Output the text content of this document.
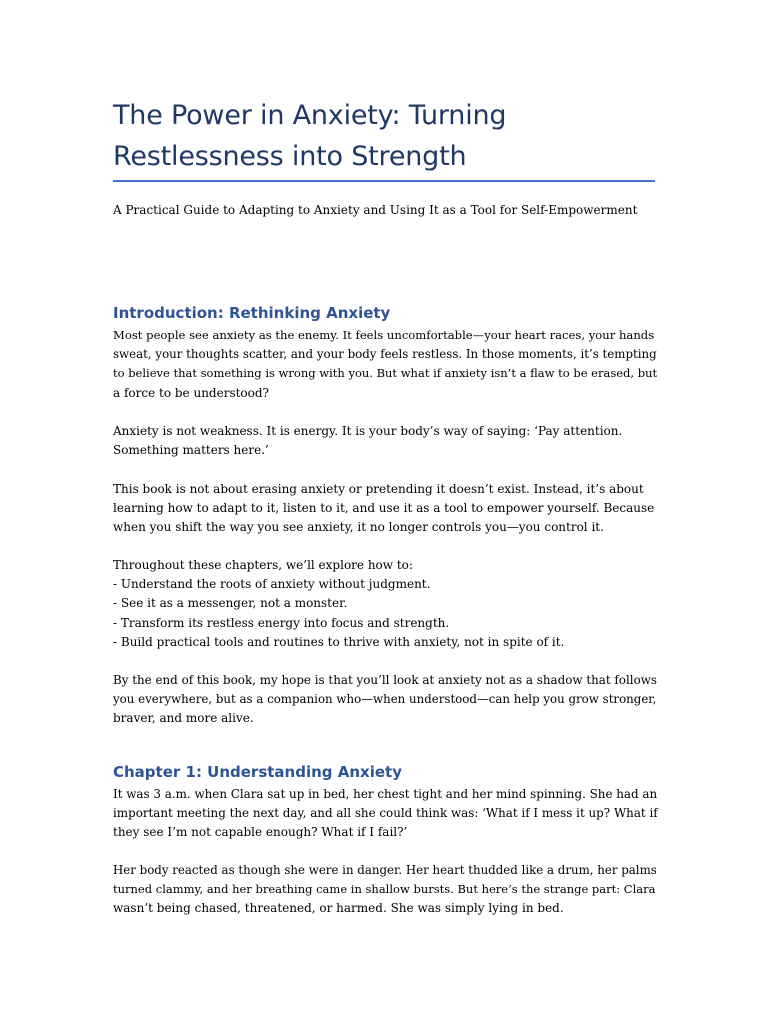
The Power in Anxiety: Turning
Restlessness into Strength

A Practical Guide to Adapting to Anxiety and Using It as a Tool for Self-Empowerment

Introduction: Rethinking Anxiety

Most people see anxiety as the enemy. It feels uncomfortable—your heart races, your hands
sweat, your thoughts scatter, and your body feels restless. In those moments, it’s tempting
to believe that something is wrong with you. But what if anxiety isn’t a flaw to be erased, but
a force to be understood?

Anxiety is not weakness. It is energy. It is your body’s way of saying: ‘Pay attention.
Something matters here.’

This book is not about erasing anxiety or pretending it doesn’t exist. Instead, it’s about
learning how to adapt to it, listen to it, and use it as a tool to empower yourself. Because
when you shift the way you see anxiety, it no longer controls you—you control it.

Throughout these chapters, we’ll explore how to:
- Understand the roots of anxiety without judgment.
- See it as a messenger, not a monster.
- Transform its restless energy into focus and strength.
- Build practical tools and routines to thrive with anxiety, not in spite of it.

By the end of this book, my hope is that you’ll look at anxiety not as a shadow that follows
you everywhere, but as a companion who—when understood—can help you grow stronger,
braver, and more alive.

Chapter 1: Understanding Anxiety

It was 3 a.m. when Clara sat up in bed, her chest tight and her mind spinning. She had an
important meeting the next day, and all she could think was: ‘What if I mess it up? What if
they see I’m not capable enough? What if I fail?’

Her body reacted as though she were in danger. Her heart thudded like a drum, her palms
turned clammy, and her breathing came in shallow bursts. But here’s the strange part: Clara
wasn’t being chased, threatened, or harmed. She was simply lying in bed.
